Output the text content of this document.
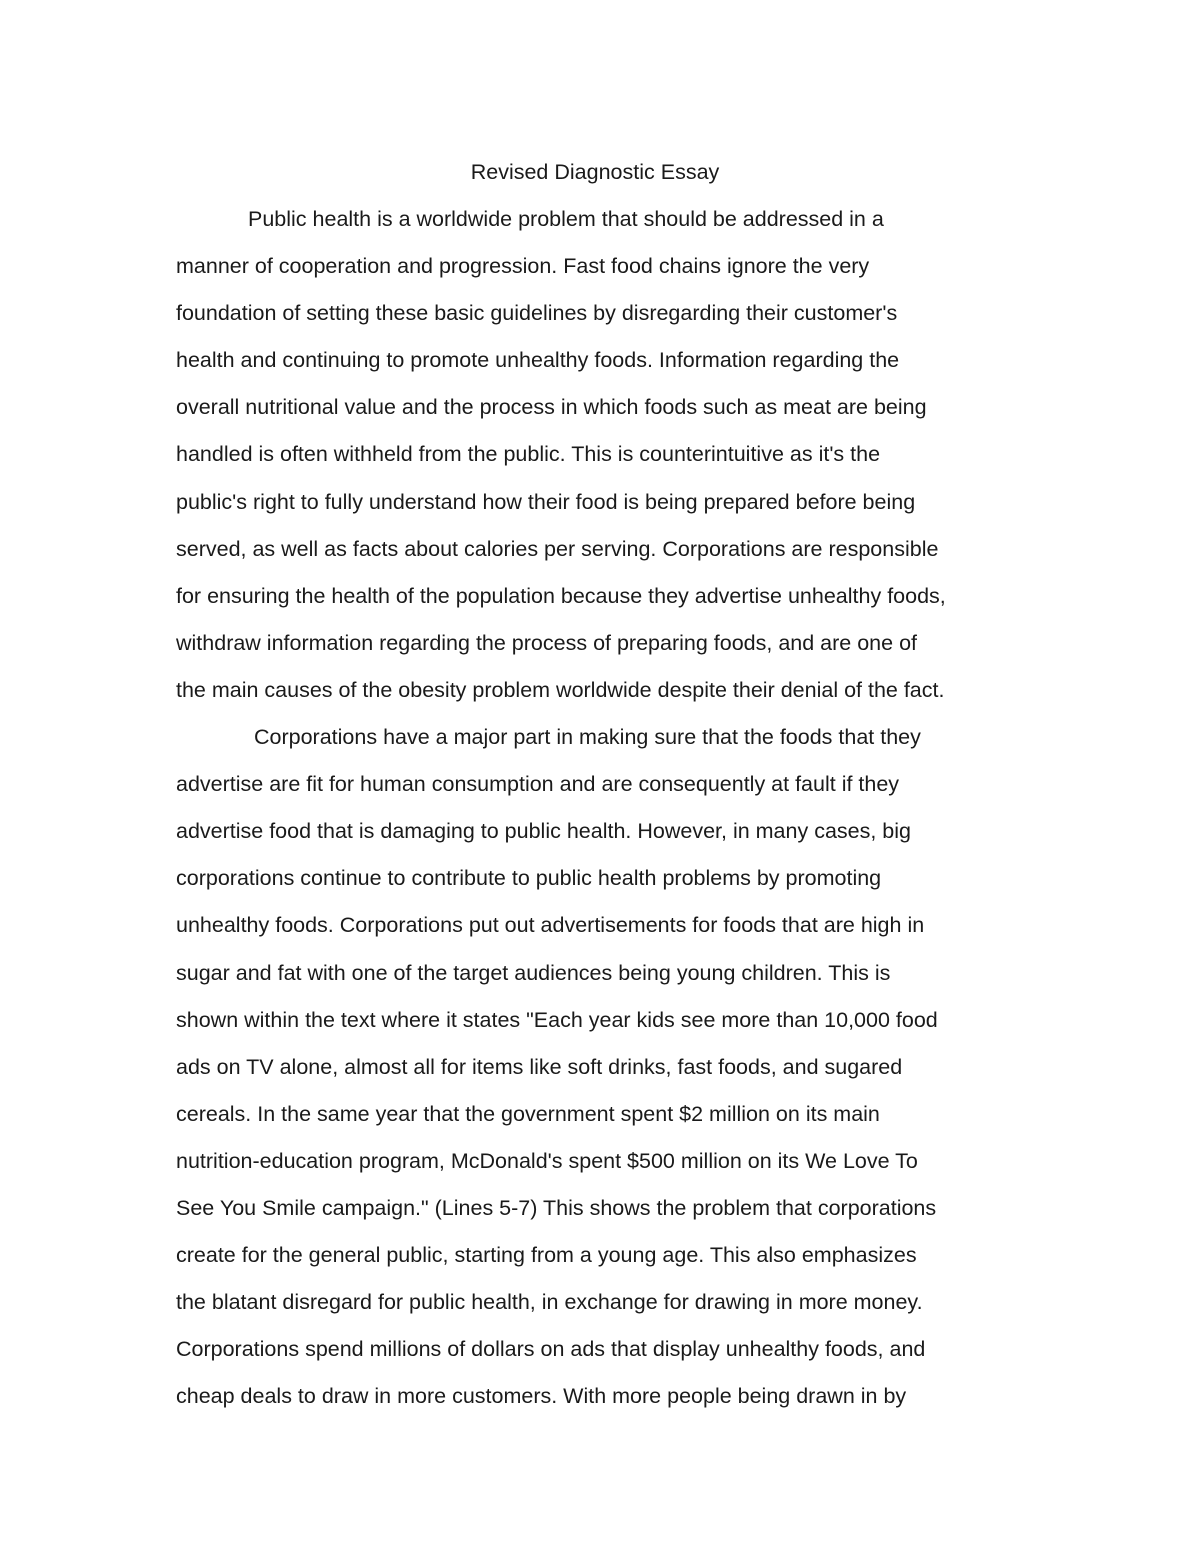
Revised Diagnostic Essay
Public health is a worldwide problem that should be addressed in a
manner of cooperation and progression. Fast food chains ignore the very
foundation of setting these basic guidelines by disregarding their customer's
health and continuing to promote unhealthy foods. Information regarding the
overall nutritional value and the process in which foods such as meat are being
handled is often withheld from the public. This is counterintuitive as it's the
public's right to fully understand how their food is being prepared before being
served, as well as facts about calories per serving. Corporations are responsible
for ensuring the health of the population because they advertise unhealthy foods,
withdraw information regarding the process of preparing foods, and are one of
the main causes of the obesity problem worldwide despite their denial of the fact.
Corporations have a major part in making sure that the foods that they
advertise are fit for human consumption and are consequently at fault if they
advertise food that is damaging to public health. However, in many cases, big
corporations continue to contribute to public health problems by promoting
unhealthy foods. Corporations put out advertisements for foods that are high in
sugar and fat with one of the target audiences being young children. This is
shown within the text where it states "Each year kids see more than 10,000 food
ads on TV alone, almost all for items like soft drinks, fast foods, and sugared
cereals. In the same year that the government spent $2 million on its main
nutrition-education program, McDonald's spent $500 million on its We Love To
See You Smile campaign." (Lines 5-7) This shows the problem that corporations
create for the general public, starting from a young age. This also emphasizes
the blatant disregard for public health, in exchange for drawing in more money.
Corporations spend millions of dollars on ads that display unhealthy foods, and
cheap deals to draw in more customers. With more people being drawn in by
